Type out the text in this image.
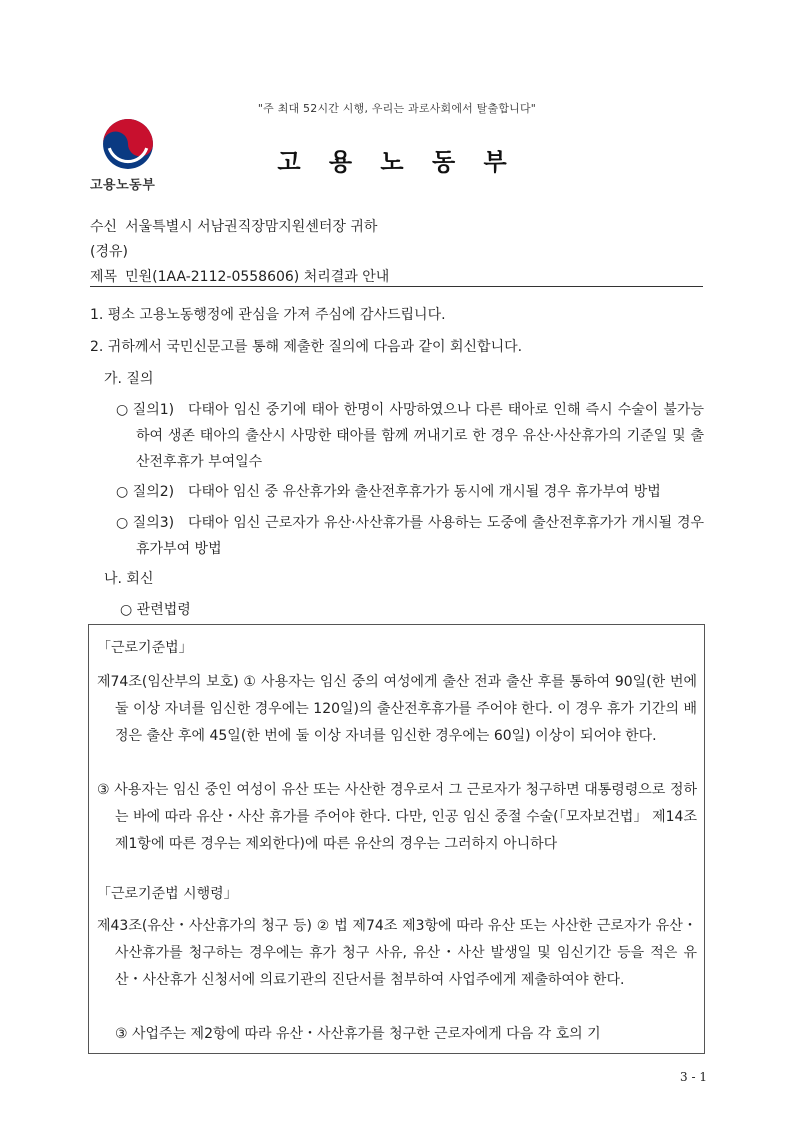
"주 최대 52시간 시행, 우리는 과로사회에서 탈출합니다"
고용노동부
고 용 노 동 부
수신 서울특별시 서남권직장맘지원센터장 귀하
(경유)
제목 민원(1AA-2112-0558606) 처리결과 안내
1. 평소 고용노동행정에 관심을 가져 주심에 감사드립니다.
2. 귀하께서 국민신문고를 통해 제출한 질의에 다음과 같이 회신합니다.
가. 질의
○ 질의1) 다태아 임신 중기에 태아 한명이 사망하였으나 다른 태아로 인해 즉시 수술이 불가능하여 생존 태아의 출산시 사망한 태아를 함께 꺼내기로 한 경우 유산·사산휴가의 기준일 및 출산전후휴가 부여일수
○ 질의2) 다태아 임신 중 유산휴가와 출산전후휴가가 동시에 개시될 경우 휴가부여 방법
○ 질의3) 다태아 임신 근로자가 유산·사산휴가를 사용하는 도중에 출산전후휴가가 개시될 경우 휴가부여 방법
나. 회신
○ 관련법령
「근로기준법」
제74조(임산부의 보호) ① 사용자는 임신 중의 여성에게 출산 전과 출산 후를 통하여 90일(한 번에 둘 이상 자녀를 임신한 경우에는 120일)의 출산전후휴가를 주어야 한다. 이 경우 휴가 기간의 배정은 출산 후에 45일(한 번에 둘 이상 자녀를 임신한 경우에는 60일) 이상이 되어야 한다.
③ 사용자는 임신 중인 여성이 유산 또는 사산한 경우로서 그 근로자가 청구하면 대통령령으로 정하는 바에 따라 유산・사산 휴가를 주어야 한다. 다만, 인공 임신 중절 수술(「모자보건법」 제14조제1항에 따른 경우는 제외한다)에 따른 유산의 경우는 그러하지 아니하다
「근로기준법 시행령」
제43조(유산・사산휴가의 청구 등) ② 법 제74조 제3항에 따라 유산 또는 사산한 근로자가 유산・사산휴가를 청구하는 경우에는 휴가 청구 사유, 유산・사산 발생일 및 임신기간 등을 적은 유산・사산휴가 신청서에 의료기관의 진단서를 첨부하여 사업주에게 제출하여야 한다.
③ 사업주는 제2항에 따라 유산・사산휴가를 청구한 근로자에게 다음 각 호의 기
3 - 1
